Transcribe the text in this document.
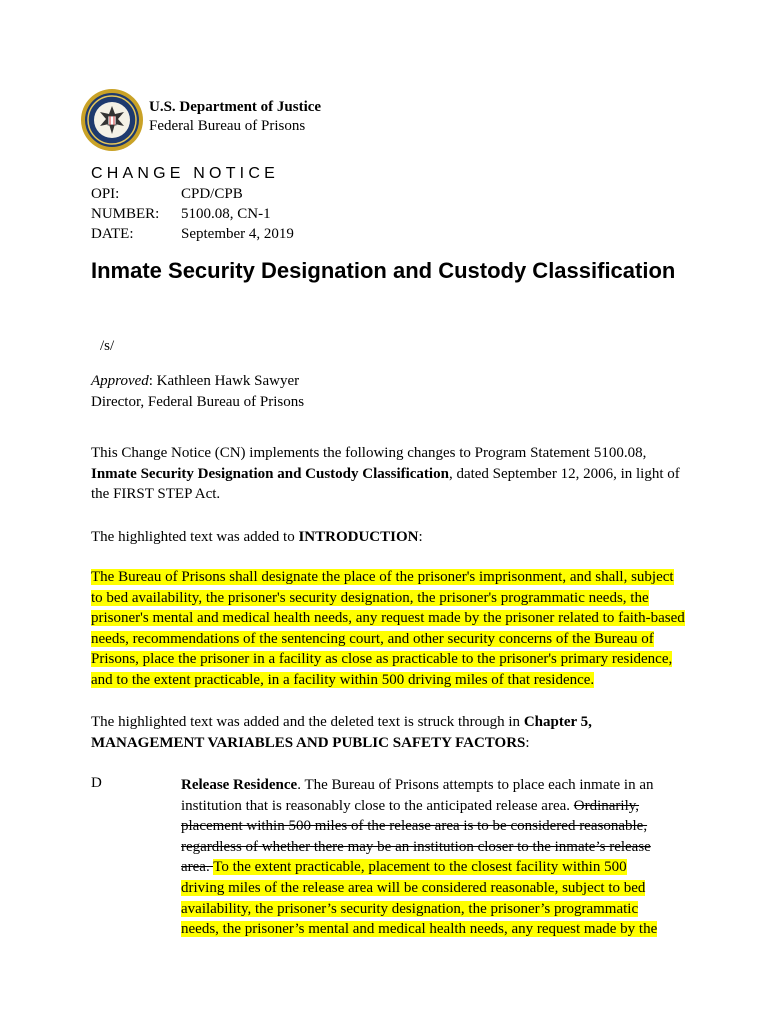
U.S. Department of Justice
Federal Bureau of Prisons
CHANGE NOTICE
OPI:	CPD/CPB
NUMBER:	5100.08, CN-1
DATE:	September 4, 2019
Inmate Security Designation and Custody Classification
/s/
Approved: Kathleen Hawk Sawyer
Director, Federal Bureau of Prisons
This Change Notice (CN) implements the following changes to Program Statement 5100.08, Inmate Security Designation and Custody Classification, dated September 12, 2006, in light of the FIRST STEP Act.
The highlighted text was added to INTRODUCTION:
The Bureau of Prisons shall designate the place of the prisoner's imprisonment, and shall, subject to bed availability, the prisoner's security designation, the prisoner's programmatic needs, the prisoner's mental and medical health needs, any request made by the prisoner related to faith-based needs, recommendations of the sentencing court, and other security concerns of the Bureau of Prisons, place the prisoner in a facility as close as practicable to the prisoner's primary residence, and to the extent practicable, in a facility within 500 driving miles of that residence.
The highlighted text was added and the deleted text is struck through in Chapter 5, MANAGEMENT VARIABLES AND PUBLIC SAFETY FACTORS:
D	Release Residence. The Bureau of Prisons attempts to place each inmate in an institution that is reasonably close to the anticipated release area. Ordinarily, placement within 500 miles of the release area is to be considered reasonable, regardless of whether there may be an institution closer to the inmate’s release area. To the extent practicable, placement to the closest facility within 500 driving miles of the release area will be considered reasonable, subject to bed availability, the prisoner’s security designation, the prisoner’s programmatic needs, the prisoner’s mental and medical health needs, any request made by the
